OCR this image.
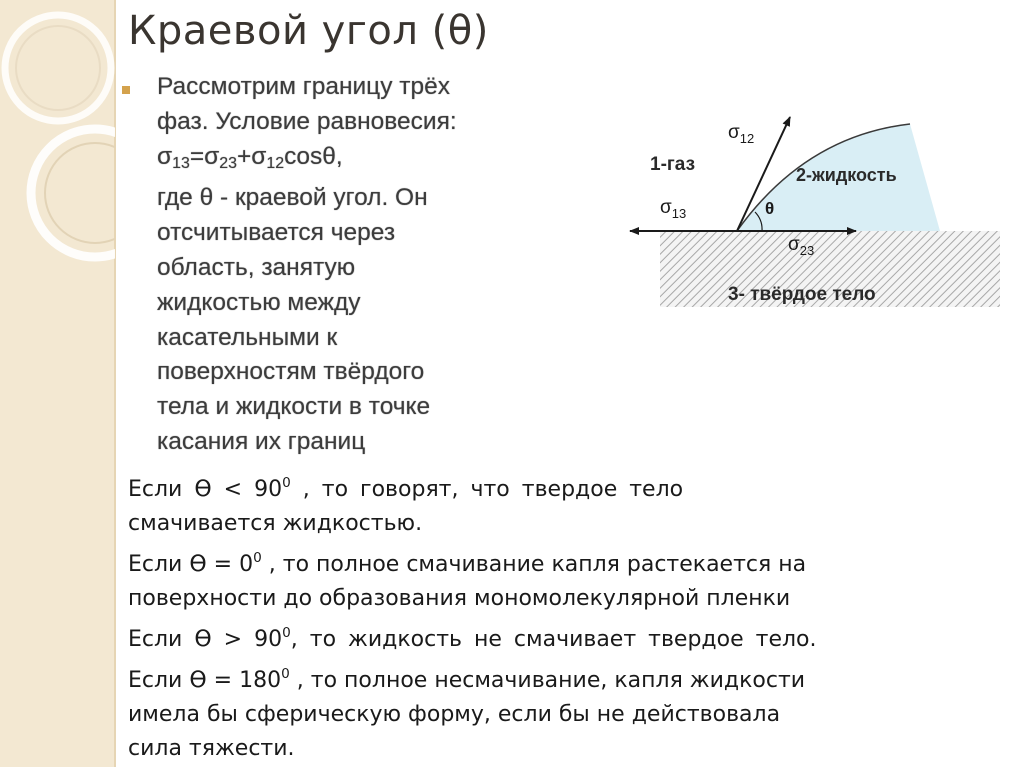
Краевой угол (θ)
Рассмотрим границу трёх
фаз. Условие равновесия:
$\sigma_{13}=\sigma_{23}+\sigma_{12}\cos\theta$,
где θ - краевой угол. Он
отсчитывается через
область, занятую
жидкостью между
касательными к
поверхностям твёрдого
тела и жидкости в точке
касания их границ
$\sigma_{12}$
1-газ	2-жидкость
$\sigma_{13}$	θ
$\sigma_{23}$
3- твёрдое тело
Если $ϴ < 90^0$ , то говорят, что твердое тело
смачивается жидкостью.
Если $ϴ = 0^0$ , то полное смачивание капля растекается на
поверхности до образования мономолекулярной пленки
Если $ϴ > 90^0$, то жидкость не смачивает твердое тело.
Если $ϴ = 180^0$ , то полное несмачивание, капля жидкости
имела бы сферическую форму, если бы не действовала
сила тяжести.
